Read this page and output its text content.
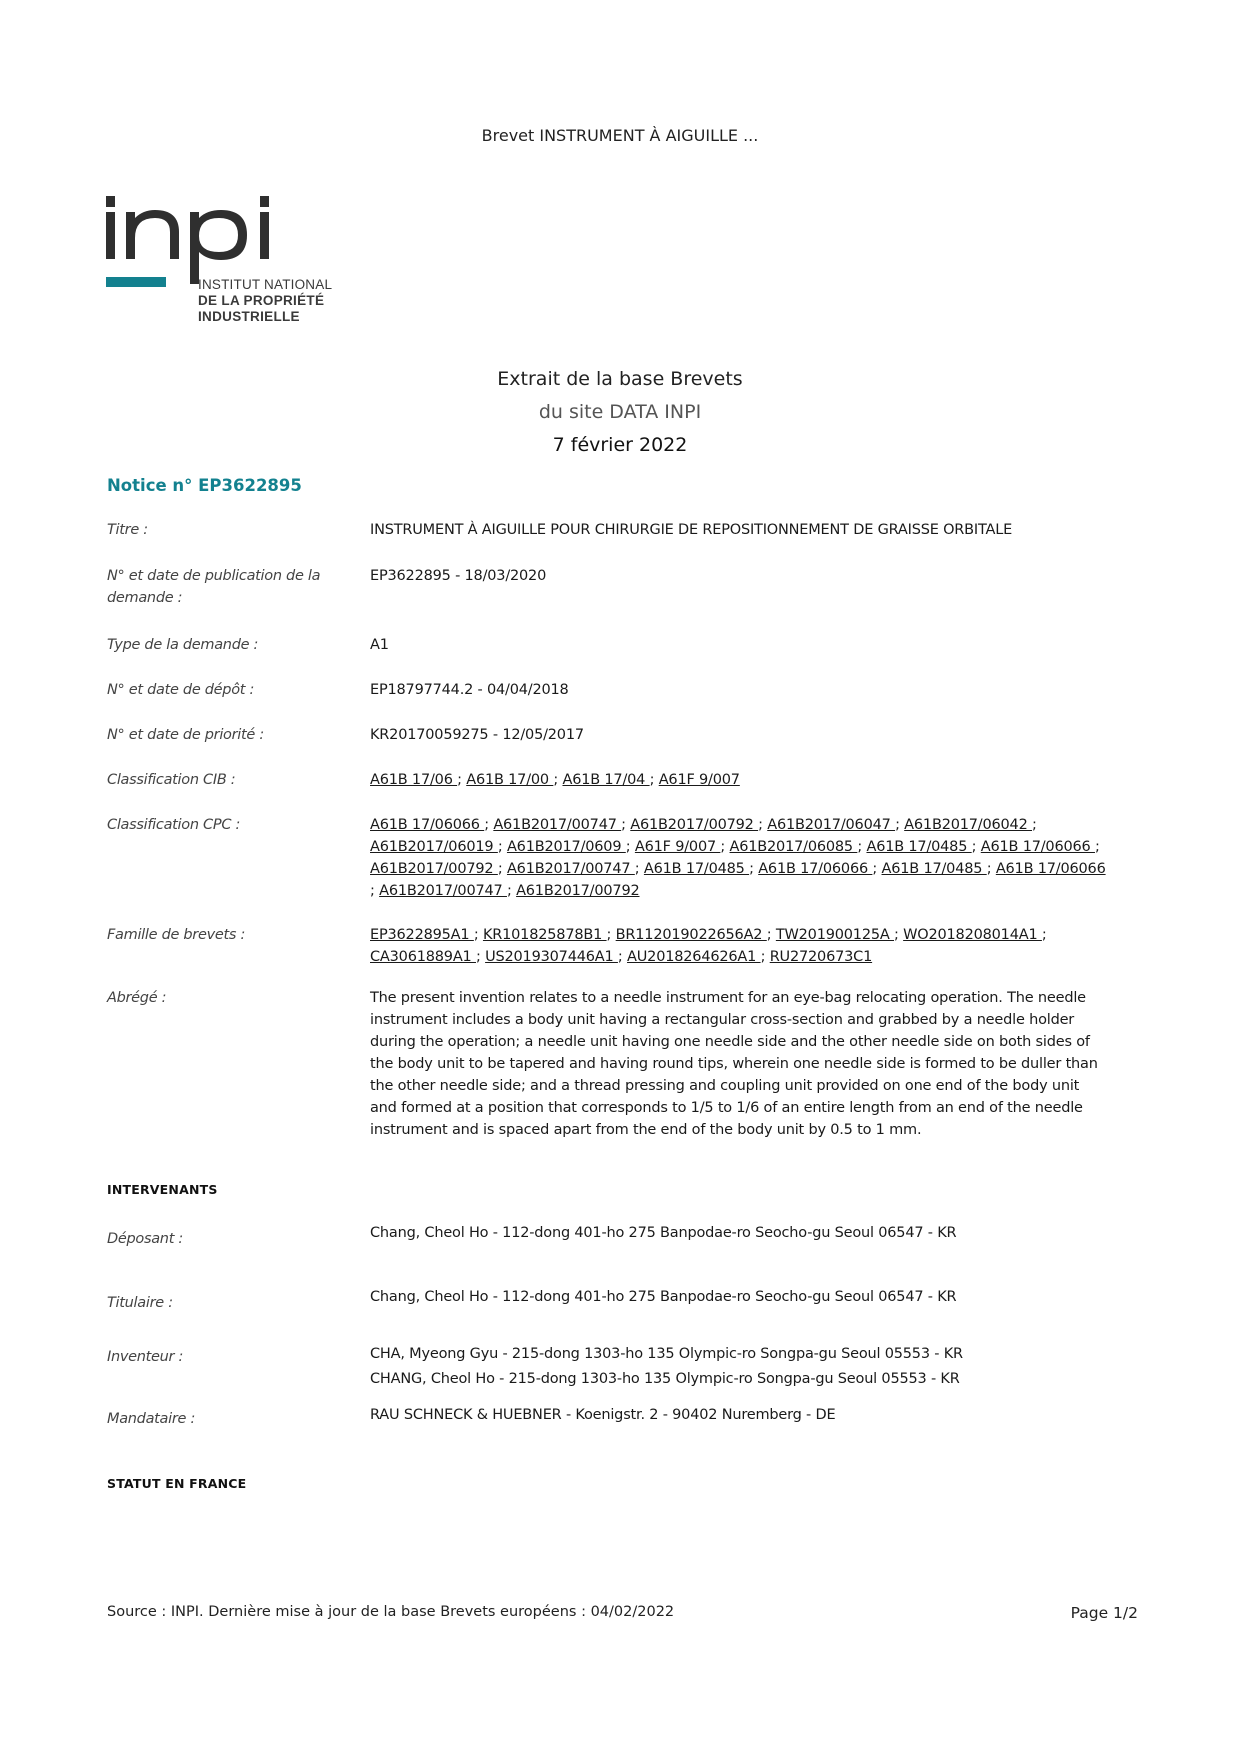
Brevet INSTRUMENT À AIGUILLE ...
INSTITUT NATIONAL
DE LA PROPRIÉTÉ
INDUSTRIELLE
Extrait de la base Brevets
du site DATA INPI
7 février 2022
Notice n° EP3622895
Titre :	INSTRUMENT À AIGUILLE POUR CHIRURGIE DE REPOSITIONNEMENT DE GRAISSE ORBITALE
N° et date de publication de la demande :
EP3622895 - 18/03/2020
Type de la demande :	A1
N° et date de dépôt :	EP18797744.2 - 04/04/2018
N° et date de priorité :	KR20170059275 - 12/05/2017
Classification CIB :	A61B 17/06 ; A61B 17/00 ; A61B 17/04 ; A61F 9/007
Classification CPC :	A61B 17/06066 ; A61B2017/00747 ; A61B2017/00792 ; A61B2017/06047 ; A61B2017/06042 ; A61B2017/06019 ; A61B2017/0609 ; A61F 9/007 ; A61B2017/06085 ; A61B 17/0485 ; A61B 17/06066 ; A61B2017/00792 ; A61B2017/00747 ; A61B 17/0485 ; A61B 17/06066 ; A61B 17/0485 ; A61B 17/06066 ; A61B2017/00747 ; A61B2017/00792
Famille de brevets :	EP3622895A1 ; KR101825878B1 ; BR112019022656A2 ; TW201900125A ; WO2018208014A1 ; CA3061889A1 ; US2019307446A1 ; AU2018264626A1 ; RU2720673C1
Abrégé :	The present invention relates to a needle instrument for an eye-bag relocating operation. The needle instrument includes a body unit having a rectangular cross-section and grabbed by a needle holder during the operation; a needle unit having one needle side and the other needle side on both sides of the body unit to be tapered and having round tips, wherein one needle side is formed to be duller than the other needle side; and a thread pressing and coupling unit provided on one end of the body unit and formed at a position that corresponds to 1/5 to 1/6 of an entire length from an end of the needle instrument and is spaced apart from the end of the body unit by 0.5 to 1 mm.
INTERVENANTS
Déposant :	Chang, Cheol Ho - 112-dong 401-ho 275 Banpodae-ro Seocho-gu Seoul 06547 - KR
Titulaire :	Chang, Cheol Ho - 112-dong 401-ho 275 Banpodae-ro Seocho-gu Seoul 06547 - KR
Inventeur :	CHA, Myeong Gyu - 215-dong 1303-ho 135 Olympic-ro Songpa-gu Seoul 05553 - KR
CHANG, Cheol Ho - 215-dong 1303-ho 135 Olympic-ro Songpa-gu Seoul 05553 - KR
Mandataire :	RAU SCHNECK & HUEBNER - Koenigstr. 2 - 90402 Nuremberg - DE
STATUT EN FRANCE
Source : INPI. Dernière mise à jour de la base Brevets européens : 04/02/2022	Page 1/2
